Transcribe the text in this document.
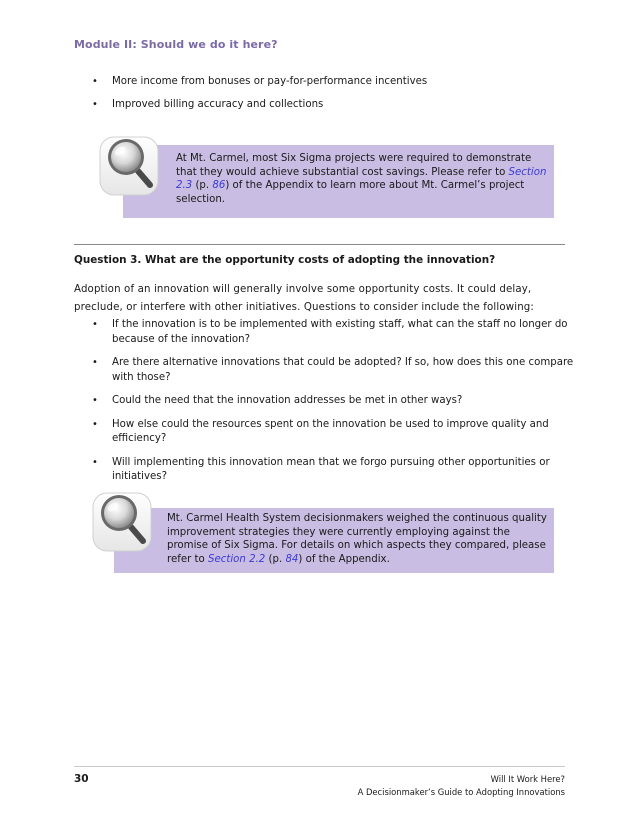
Module II: Should we do it here?
• More income from bonuses or pay-for-performance incentives
• Improved billing accuracy and collections
At Mt. Carmel, most Six Sigma projects were required to demonstrate that they would achieve substantial cost savings. Please refer to Section 2.3 (p. 86) of the Appendix to learn more about Mt. Carmel’s project selection.
Question 3. What are the opportunity costs of adopting the innovation?
Adoption of an innovation will generally involve some opportunity costs. It could delay, preclude, or interfere with other initiatives. Questions to consider include the following:
• If the innovation is to be implemented with existing staff, what can the staff no longer do because of the innovation?
• Are there alternative innovations that could be adopted? If so, how does this one compare with those?
• Could the need that the innovation addresses be met in other ways?
• How else could the resources spent on the innovation be used to improve quality and efficiency?
• Will implementing this innovation mean that we forgo pursuing other opportunities or initiatives?
Mt. Carmel Health System decisionmakers weighed the continuous quality improvement strategies they were currently employing against the promise of Six Sigma. For details on which aspects they compared, please refer to Section 2.2 (p. 84) of the Appendix.
30	Will It Work Here?
A Decisionmaker’s Guide to Adopting Innovations
